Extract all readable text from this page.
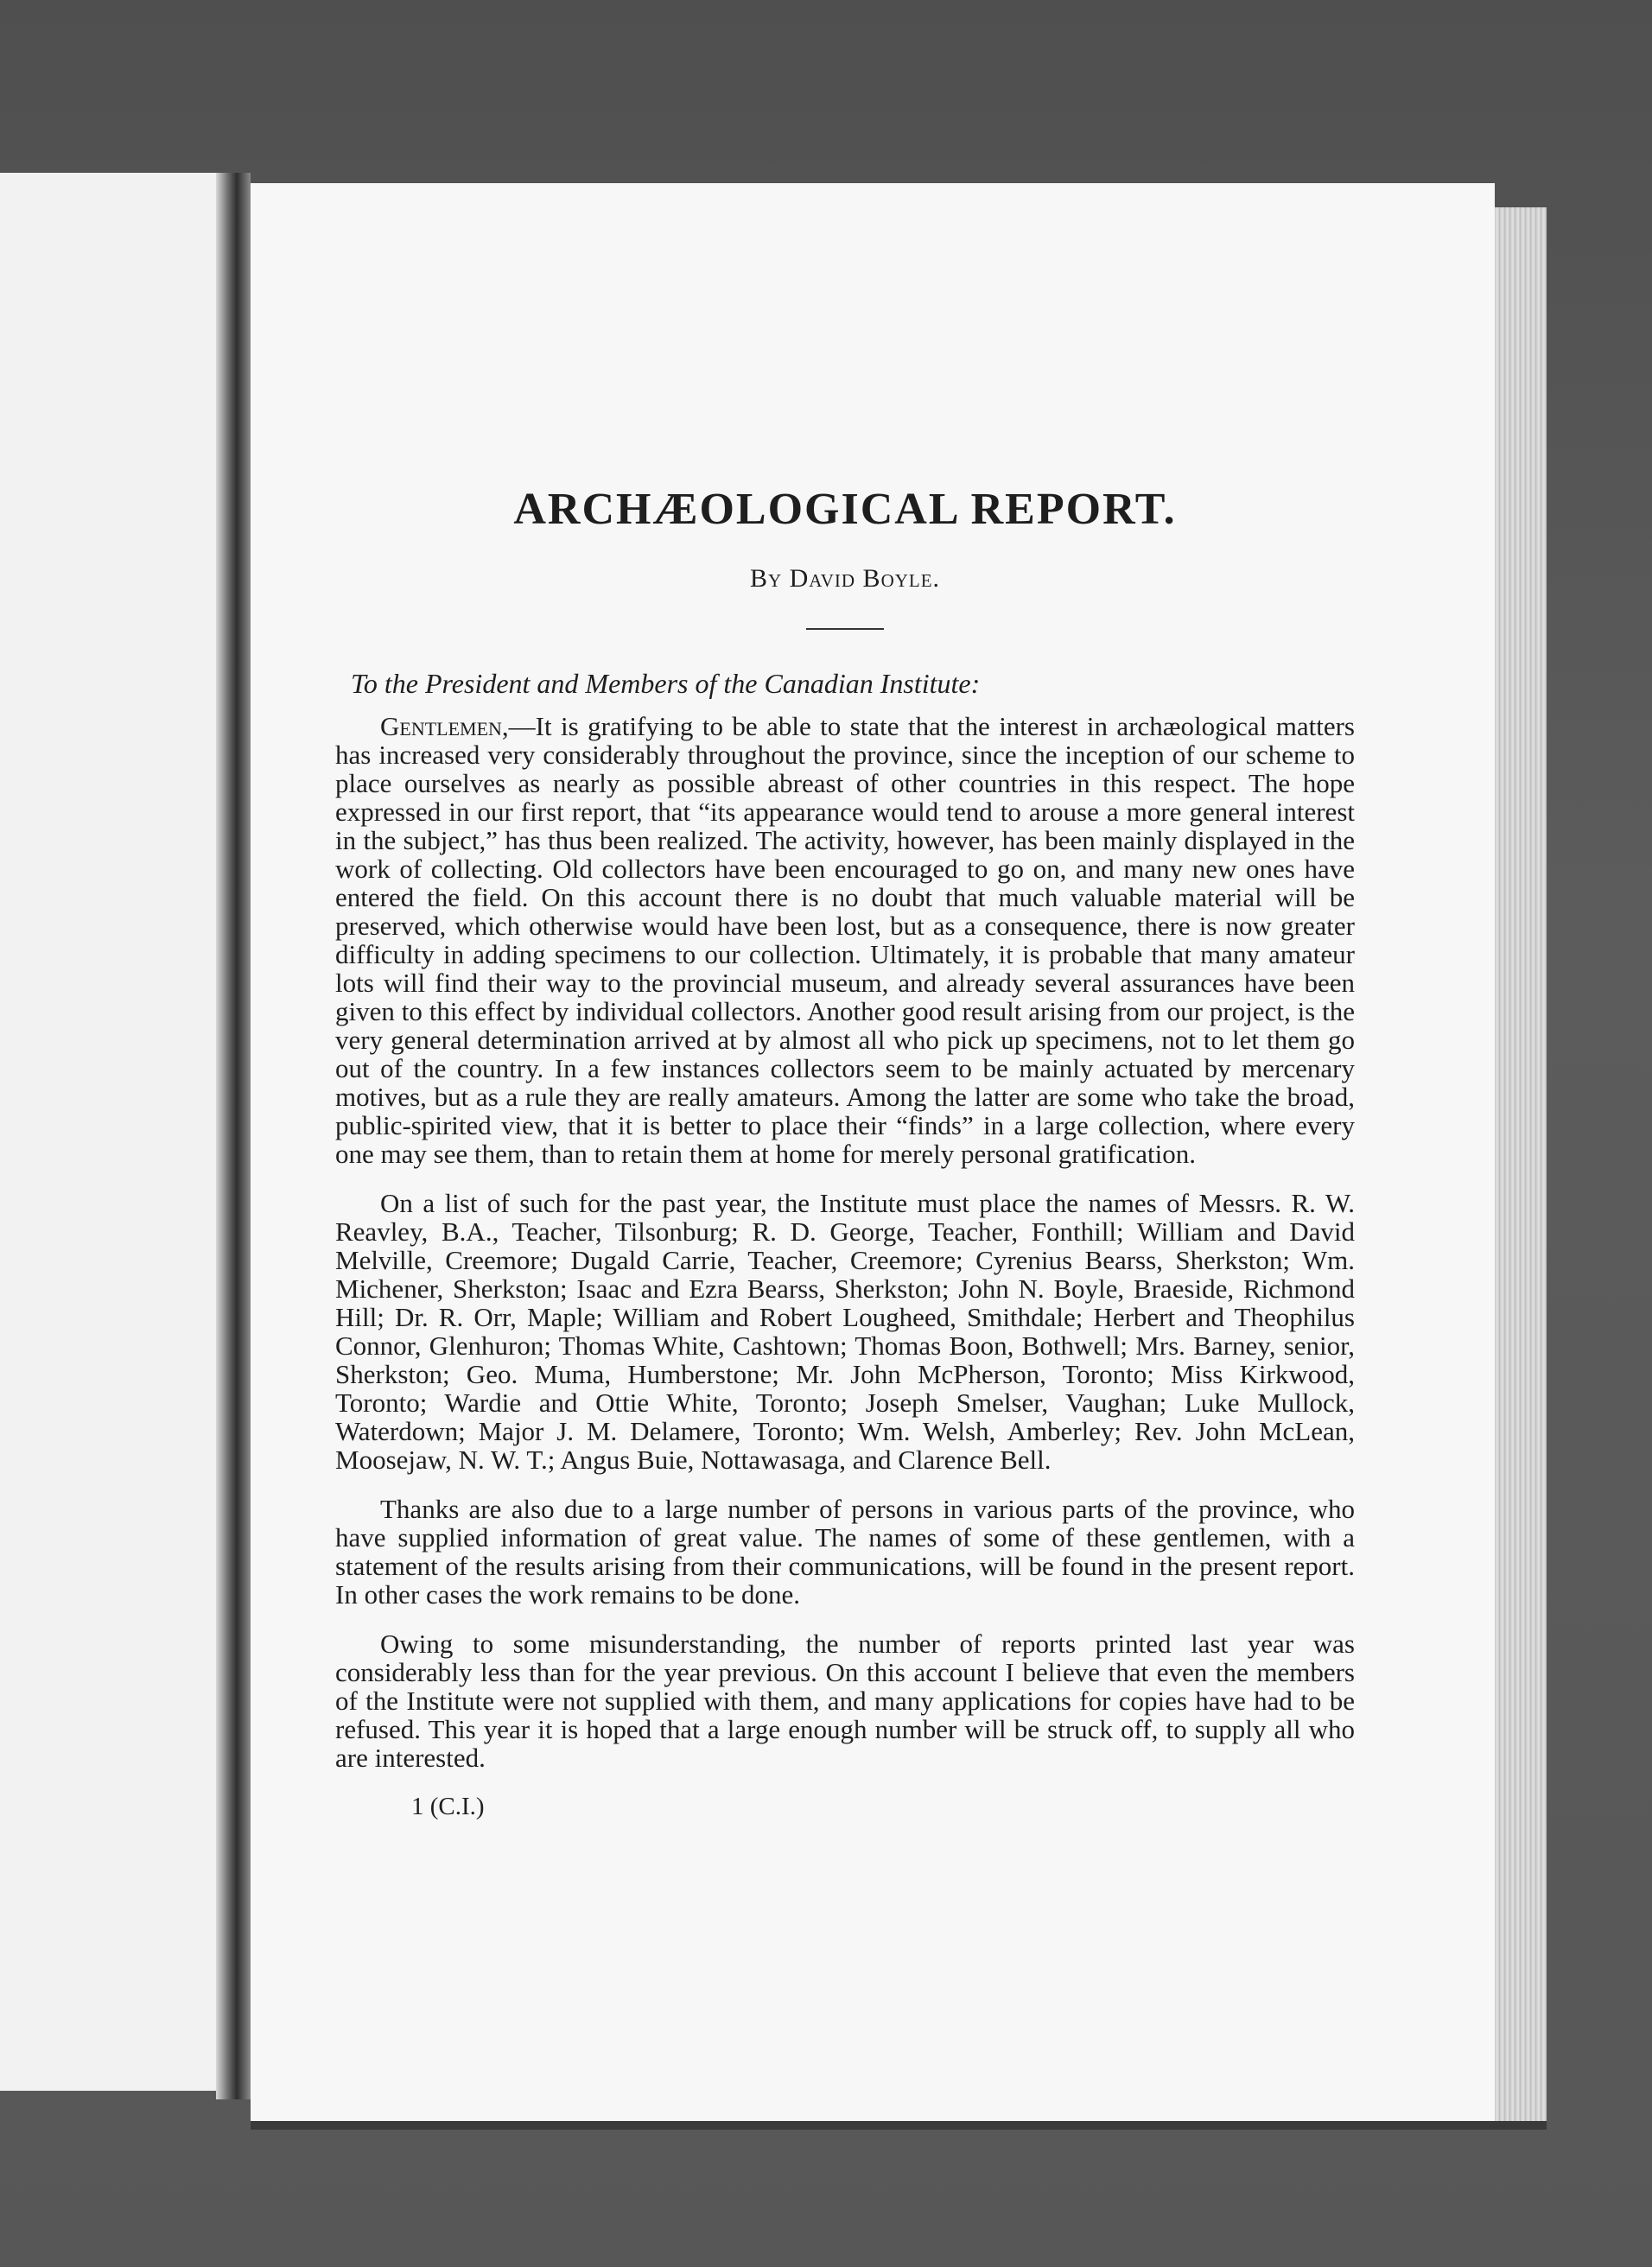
ARCHÆOLOGICAL REPORT.
By David Boyle.
To the President and Members of the Canadian Institute:

Gentlemen,—It is gratifying to be able to state that the interest in archæological matters has increased very considerably throughout the province, since the inception of our scheme to place ourselves as nearly as possible abreast of other countries in this respect. The hope expressed in our first report, that “its appearance would tend to arouse a more general interest in the subject,” has thus been realized. The activity, however, has been mainly displayed in the work of collecting. Old collectors have been encouraged to go on, and many new ones have entered the field. On this account there is no doubt that much valuable material will be preserved, which otherwise would have been lost, but as a consequence, there is now greater difficulty in adding specimens to our collection. Ultimately, it is probable that many amateur lots will find their way to the provincial museum, and already several assurances have been given to this effect by individual collectors. Another good result arising from our project, is the very general determination arrived at by almost all who pick up specimens, not to let them go out of the country. In a few instances collectors seem to be mainly actuated by mercenary motives, but as a rule they are really amateurs. Among the latter are some who take the broad, public-spirited view, that it is better to place their “finds” in a large collection, where every one may see them, than to retain them at home for merely personal gratification.

On a list of such for the past year, the Institute must place the names of Messrs. R. W. Reavley, B.A., Teacher, Tilsonburg; R. D. George, Teacher, Fonthill; William and David Melville, Creemore; Dugald Carrie, Teacher, Creemore; Cyrenius Bearss, Sherkston; Wm. Michener, Sherkston; Isaac and Ezra Bearss, Sherkston; John N. Boyle, Braeside, Richmond Hill; Dr. R. Orr, Maple; William and Robert Lougheed, Smithdale; Herbert and Theophilus Connor, Glenhuron; Thomas White, Cashtown; Thomas Boon, Bothwell; Mrs. Barney, senior, Sherkston; Geo. Muma, Humberstone; Mr. John McPherson, Toronto; Miss Kirkwood, Toronto; Wardie and Ottie White, Toronto; Joseph Smelser, Vaughan; Luke Mullock, Waterdown; Major J. M. Delamere, Toronto; Wm. Welsh, Amberley; Rev. John McLean, Moosejaw, N. W. T.; Angus Buie, Nottawasaga, and Clarence Bell.

Thanks are also due to a large number of persons in various parts of the province, who have supplied information of great value. The names of some of these gentlemen, with a statement of the results arising from their communications, will be found in the present report. In other cases the work remains to be done.

Owing to some misunderstanding, the number of reports printed last year was considerably less than for the year previous. On this account I believe that even the members of the Institute were not supplied with them, and many applications for copies have had to be refused. This year it is hoped that a large enough number will be struck off, to supply all who are interested.

1 (C.I.)
